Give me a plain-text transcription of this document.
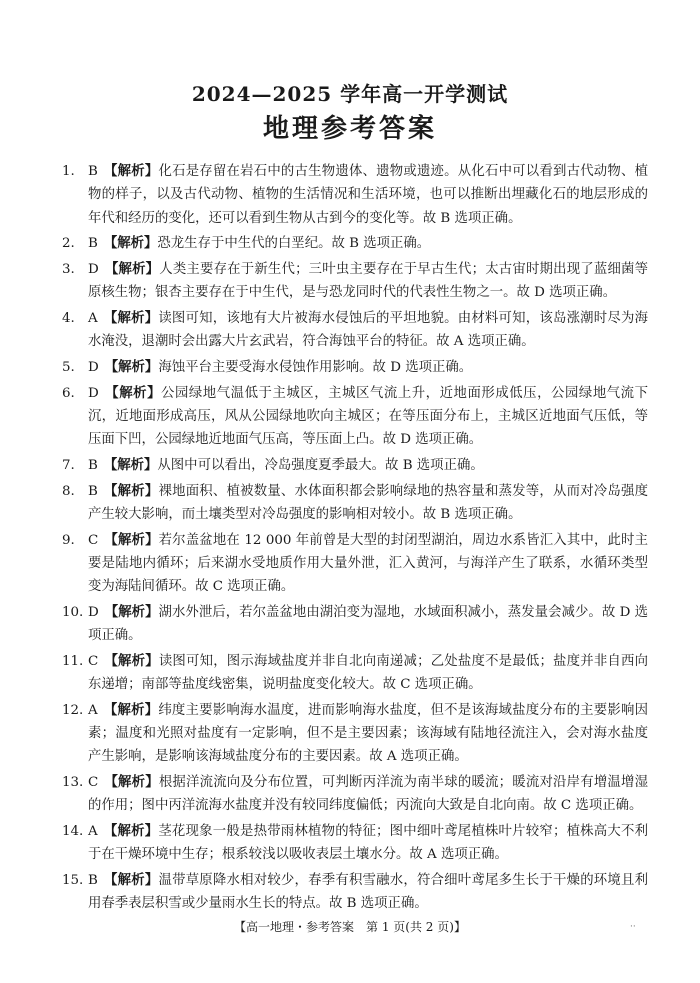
2024—2025 学年高一开学测试
地理参考答案
1. B 【解析】化石是存留在岩石中的古生物遗体、遗物或遗迹。从化石中可以看到古代动物、植物的样子，以及古代动物、植物的生活情况和生活环境，也可以推断出埋藏化石的地层形成的年代和经历的变化，还可以看到生物从古到今的变化等。故 B 选项正确。
2. B 【解析】恐龙生存于中生代的白垩纪。故 B 选项正确。
3. D 【解析】人类主要存在于新生代；三叶虫主要存在于早古生代；太古宙时期出现了蓝细菌等原核生物；银杏主要存在于中生代，是与恐龙同时代的代表性生物之一。故 D 选项正确。
4. A 【解析】读图可知，该地有大片被海水侵蚀后的平坦地貌。由材料可知，该岛涨潮时尽为海水淹没，退潮时会出露大片玄武岩，符合海蚀平台的特征。故 A 选项正确。
5. D 【解析】海蚀平台主要受海水侵蚀作用影响。故 D 选项正确。
6. D 【解析】公园绿地气温低于主城区，主城区气流上升，近地面形成低压，公园绿地气流下沉，近地面形成高压，风从公园绿地吹向主城区；在等压面分布上，主城区近地面气压低，等压面下凹，公园绿地近地面气压高，等压面上凸。故 D 选项正确。
7. B 【解析】从图中可以看出，冷岛强度夏季最大。故 B 选项正确。
8. B 【解析】裸地面积、植被数量、水体面积都会影响绿地的热容量和蒸发等，从而对冷岛强度产生较大影响，而土壤类型对冷岛强度的影响相对较小。故 B 选项正确。
9. C 【解析】若尔盖盆地在 12 000 年前曾是大型的封闭型湖泊，周边水系皆汇入其中，此时主要是陆地内循环；后来湖水受地质作用大量外泄，汇入黄河，与海洋产生了联系，水循环类型变为海陆间循环。故 C 选项正确。
10. D 【解析】湖水外泄后，若尔盖盆地由湖泊变为湿地，水域面积减小，蒸发量会减少。故 D 选项正确。
11. C 【解析】读图可知，图示海域盐度并非自北向南递减；乙处盐度不是最低；盐度并非自西向东递增；南部等盐度线密集，说明盐度变化较大。故 C 选项正确。
12. A 【解析】纬度主要影响海水温度，进而影响海水盐度，但不是该海域盐度分布的主要影响因素；温度和光照对盐度有一定影响，但不是主要因素；该海域有陆地径流注入，会对海水盐度产生影响，是影响该海域盐度分布的主要因素。故 A 选项正确。
13. C 【解析】根据洋流流向及分布位置，可判断丙洋流为南半球的暖流；暖流对沿岸有增温增湿的作用；图中丙洋流海水盐度并没有较同纬度偏低；丙流向大致是自北向南。故 C 选项正确。
14. A 【解析】茎花现象一般是热带雨林植物的特征；图中细叶鸢尾植株叶片较窄；植株高大不利于在干燥环境中生存；根系较浅以吸收表层土壤水分。故 A 选项正确。
15. B 【解析】温带草原降水相对较少，春季有积雪融水，符合细叶鸢尾多生长于干燥的环境且利用春季表层积雪或少量雨水生长的特点。故 B 选项正确。
【高一地理・参考答案　第 1 页(共 2 页)】	··
